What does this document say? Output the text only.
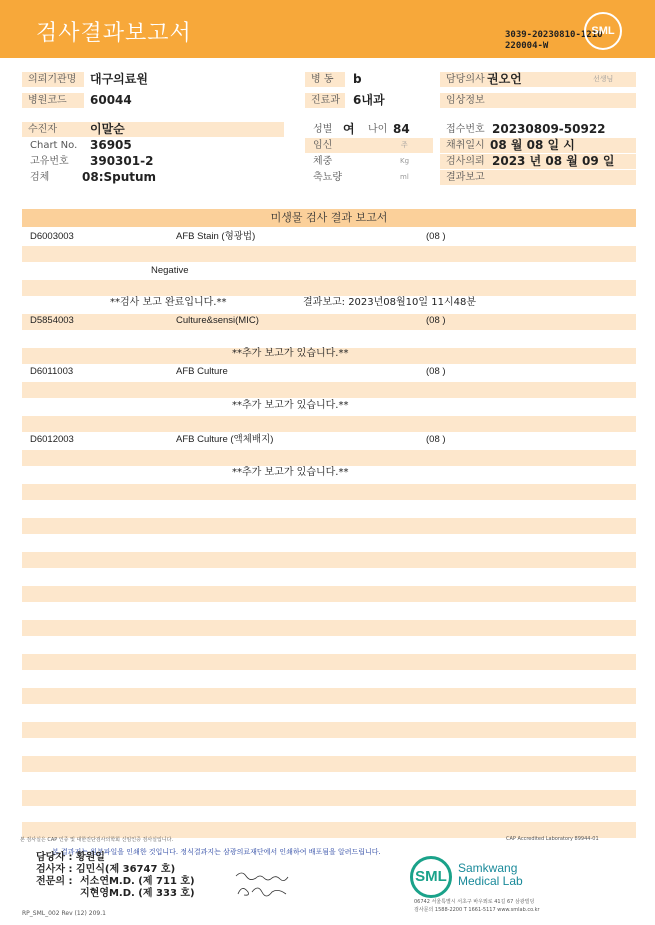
검사결과보고서	3039-20230810-1210
220004-W
SML
의뢰기관명	대구의료원
병원코드	60044
병 동	b
진료과	6내과
담당의사 권오언	선생님
임상정보
수진자	이말순
Chart No. 36905
고유번호 390301-2
검체	08:Sputum
성별 여 나이 84
임신	주
체중	Kg
축뇨량	ml
접수번호 20230809-50922
채취일시 08 월 08 일 시
검사의뢰 2023 년 08 월 09 일
결과보고
미생물 검사 결과 보고서
D6003003	AFB Stain (형광법)	(08 )
Negative
**검사 보고 완료입니다.**	결과보고: 2023년08월10일 11시48분
D5854003	Culture&sensi(MIC)	(08 )
**추가 보고가 있습니다.**
D6011003	AFB Culture	(08 )
**추가 보고가 있습니다.**
D6012003	AFB Culture (액체배지)	(08 )
**추가 보고가 있습니다.**
본 검사실은 CAP 인증 및 대한진단검사의학회 신임인증 검사실입니다.	CAP Accredited Laboratory 89944-01
본 결과지는 원본파일을 인쇄한 것입니다. 정식결과지는 삼광의료재단에서 인쇄하여 배포됨을 알려드립니다.
담당자 : 황원일
검사자 : 김민식(제 36747 호)
전문의 : 서소연M.D. (제 711 호)
지현영M.D. (제 333 호)
SML Samkwang
Medical Lab
06742 서울특별시 서초구 바우뫼로 41길 67 삼광빌딩
검사문의 1588-2200 T 1661-5117 www.smlab.co.kr
RP_SML_002 Rev (12) 209.1
